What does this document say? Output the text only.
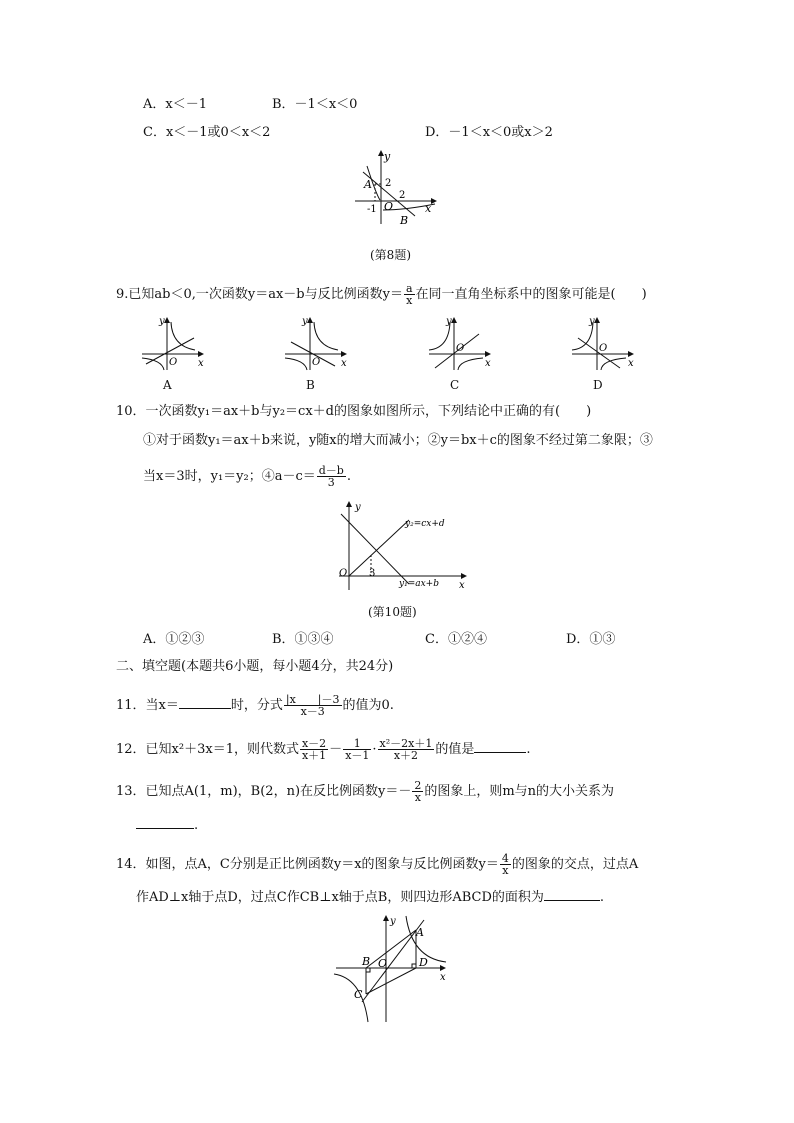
A．x＜－1	B．－1＜x＜0
C．x＜－1或0＜x＜2	D．－1＜x＜0或x＞2
y
x
A 2
2
-1 O
B
(第8题)
9.已知ab＜0,一次函数y＝ax－b与反比例函数$y= \frac{a}{x}$ 在同一直角坐标系中的图象可能是(　　)
y
x
O
A
y
x
O
B
y
x
O
C
y
x
O
D
10．一次函数y₁＝ax＋b与y₂＝cx＋d的图象如图所示，下列结论中正确的有(　　)
①对于函数y₁＝ax＋b来说，y随x的增大而减小；②y＝bx＋c的图象不经过第二象限；③
当x＝3时，y₁＝y₂；④a－c＝ $\frac{d-b}{3}$ .
y
x
O 3
y₂=cx+d
y₁=ax+b
(第10题)
A．①②③	B．①③④	C．①②④	D．①③
二、填空题(本题共6小题，每小题4分，共24分)
11．当x＝	时，分式 $\frac{|x |-3}{x-3}$ 的值为0.
12．已知x²＋3x＝1，则代数式 $\frac{x-2}{x+1} - \frac{1}{x-1} \cdot \frac{\text{x²－2x＋1}}{x+2}$ 的值是	.
13．已知点A(1，m)，B(2，n)在反比例函数$y=- \frac{2}{x}$ 的图象上，则m与n的大小关系为
.
14．如图，点A，C分别是正比例函数y＝x的图象与反比例函数$y= \frac{4}{x}$ 的图象的交点，过点A
作AD⊥x轴于点D，过点C作CB⊥x轴于点B，则四边形ABCD的面积为	.
y
x
A
B
C
D
O
